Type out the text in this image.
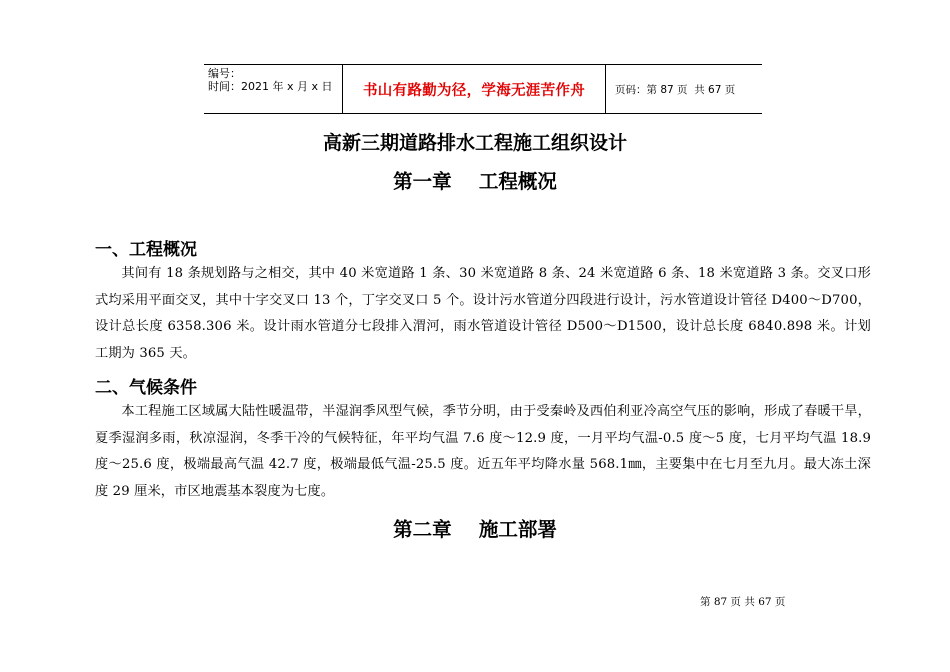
编号：
时间：2021 年 x 月 x 日	书山有路勤为径，学海无涯苦作舟	页码：第 87 页  共 67 页
高新三期道路排水工程施工组织设计
第一章    工程概况
一、工程概况
其间有 18 条规划路与之相交，其中 40 米宽道路 1 条、30 米宽道路 8 条、24 米宽道路 6 条、18 米宽道路 3 条。交叉口形式均采用平面交叉，其中十字交叉口 13 个，丁字交叉口 5 个。设计污水管道分四段进行设计，污水管道设计管径 D400～D700，设计总长度 6358.306 米。设计雨水管道分七段排入渭河，雨水管道设计管径 D500～D1500，设计总长度 6840.898 米。计划工期为 365 天。
二、气候条件
本工程施工区域属大陆性暖温带，半湿润季风型气候，季节分明，由于受秦岭及西伯利亚冷高空气压的影响，形成了春暖干旱，夏季湿润多雨，秋凉湿润，冬季干冷的气候特征，年平均气温 7.6 度～12.9 度，一月平均气温-0.5 度～5 度，七月平均气温 18.9 度～25.6 度，极端最高气温 42.7 度，极端最低气温-25.5 度。近五年平均降水量 568.1㎜，主要集中在七月至九月。最大冻土深度 29 厘米，市区地震基本裂度为七度。
第二章    施工部署
第 87 页 共 67 页
